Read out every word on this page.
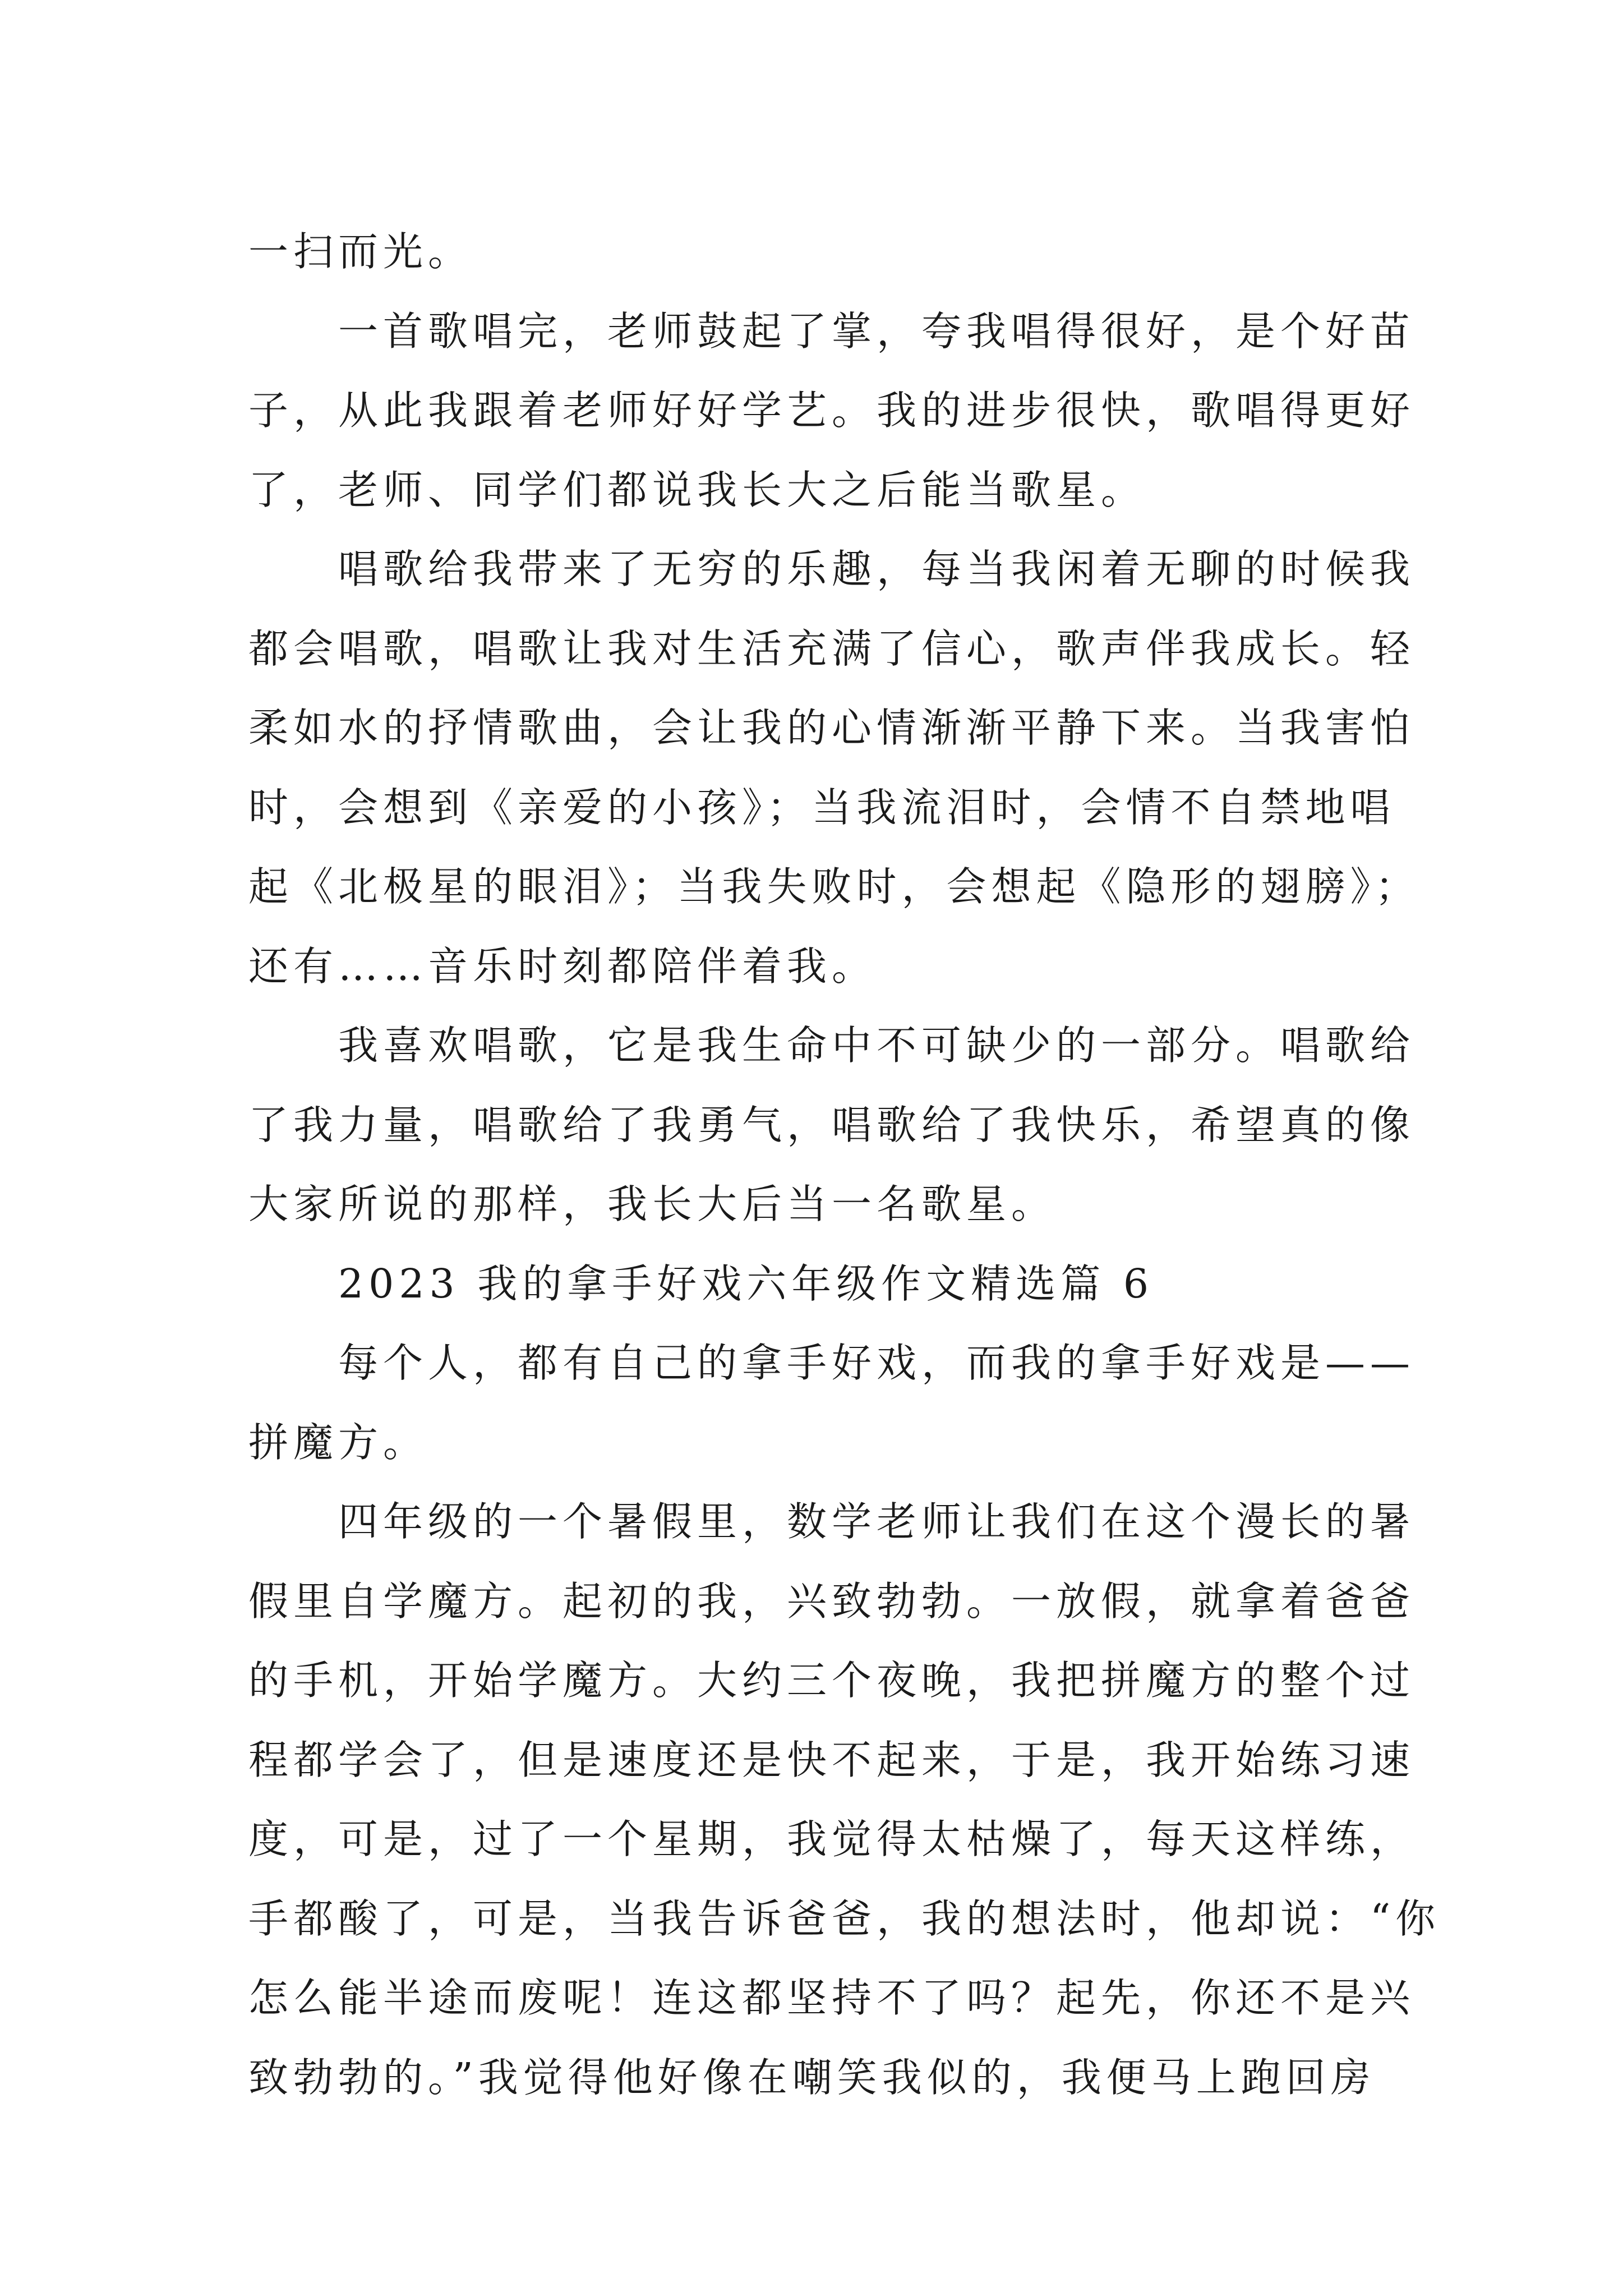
一扫而光。
一首歌唱完，老师鼓起了掌，夸我唱得很好，是个好苗
子，从此我跟着老师好好学艺。我的进步很快，歌唱得更好
了，老师、同学们都说我长大之后能当歌星。
唱歌给我带来了无穷的乐趣，每当我闲着无聊的时候我
都会唱歌，唱歌让我对生活充满了信心，歌声伴我成长。轻
柔如水的抒情歌曲，会让我的心情渐渐平静下来。当我害怕
时，会想到《亲爱的小孩》；当我流泪时，会情不自禁地唱
起《北极星的眼泪》；当我失败时，会想起《隐形的翅膀》；
还有……音乐时刻都陪伴着我。
我喜欢唱歌，它是我生命中不可缺少的一部分。唱歌给
了我力量，唱歌给了我勇气，唱歌给了我快乐，希望真的像
大家所说的那样，我长大后当一名歌星。
2023 我的拿手好戏六年级作文精选篇 6
每个人，都有自己的拿手好戏，而我的拿手好戏是——
拼魔方。
四年级的一个暑假里，数学老师让我们在这个漫长的暑
假里自学魔方。起初的我，兴致勃勃。一放假，就拿着爸爸
的手机，开始学魔方。大约三个夜晚，我把拼魔方的整个过
程都学会了，但是速度还是快不起来，于是，我开始练习速
度，可是，过了一个星期，我觉得太枯燥了，每天这样练，
手都酸了，可是，当我告诉爸爸，我的想法时，他却说：“你
怎么能半途而废呢！连这都坚持不了吗？起先，你还不是兴
致勃勃的。”我觉得他好像在嘲笑我似的，我便马上跑回房
